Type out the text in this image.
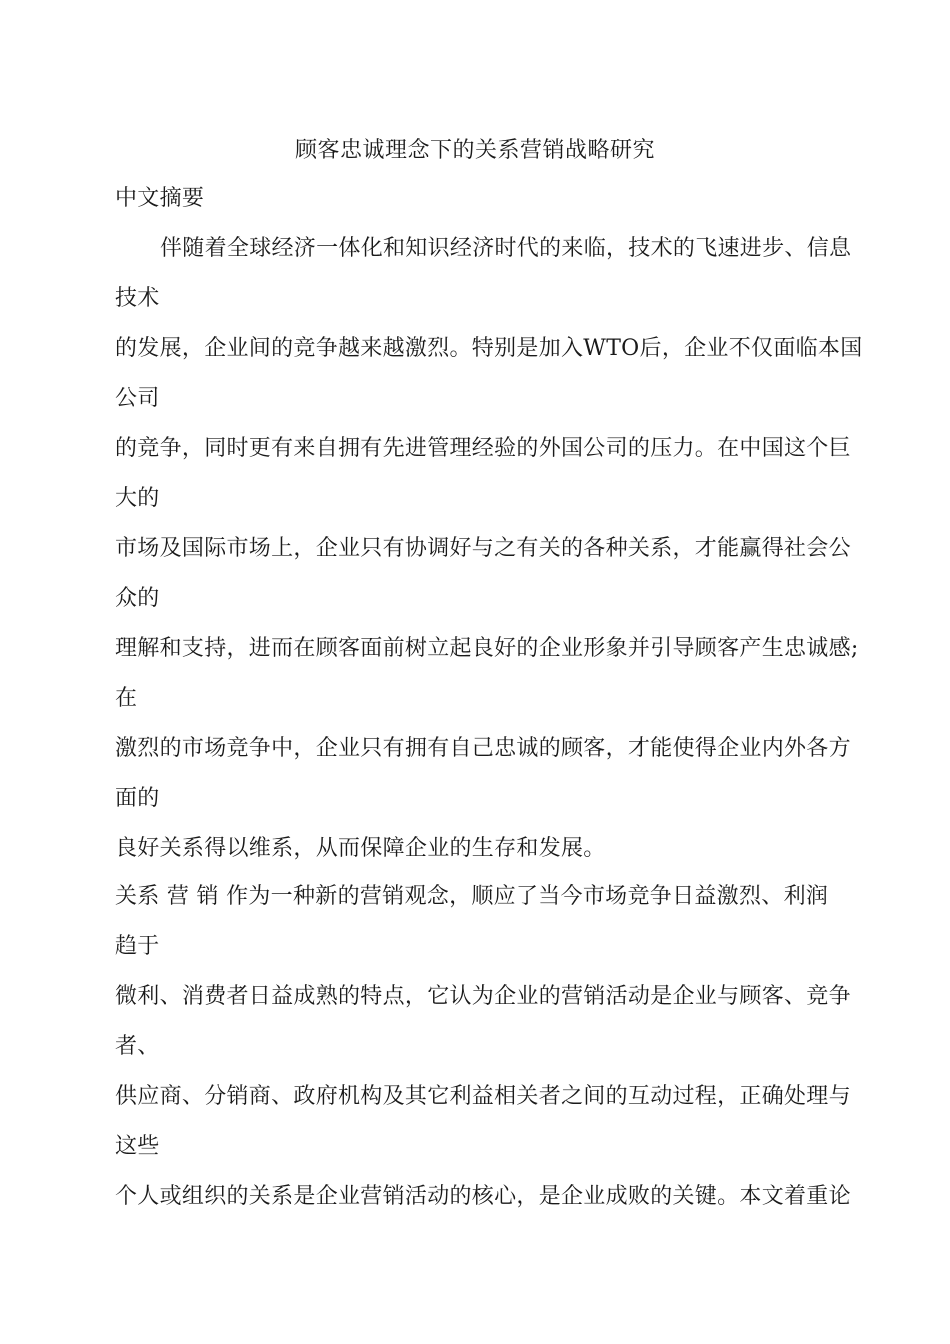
顾客忠诚理念下的关系营销战略研究
中文摘要
伴随着全球经济一体化和知识经济时代的来临，技术的飞速进步、信息
技术
的发展，企业间的竞争越来越激烈。特别是加入WTO后，企业不仅面临本国
公司
的竞争，同时更有来自拥有先进管理经验的外国公司的压力。在中国这个巨
大的
市场及国际市场上，企业只有协调好与之有关的各种关系，才能赢得社会公
众的
理解和支持，进而在顾客面前树立起良好的企业形象并引导顾客产生忠诚感;
在
激烈的市场竞争中，企业只有拥有自己忠诚的顾客，才能使得企业内外各方
面的
良好关系得以维系，从而保障企业的生存和发展。
关系 营 销 作为一种新的营销观念，顺应了当今市场竞争日益激烈、利润
趋于
微利、消费者日益成熟的特点，它认为企业的营销活动是企业与顾客、竞争
者、
供应商、分销商、政府机构及其它利益相关者之间的互动过程，正确处理与
这些
个人或组织的关系是企业营销活动的核心，是企业成败的关键。本文着重论
